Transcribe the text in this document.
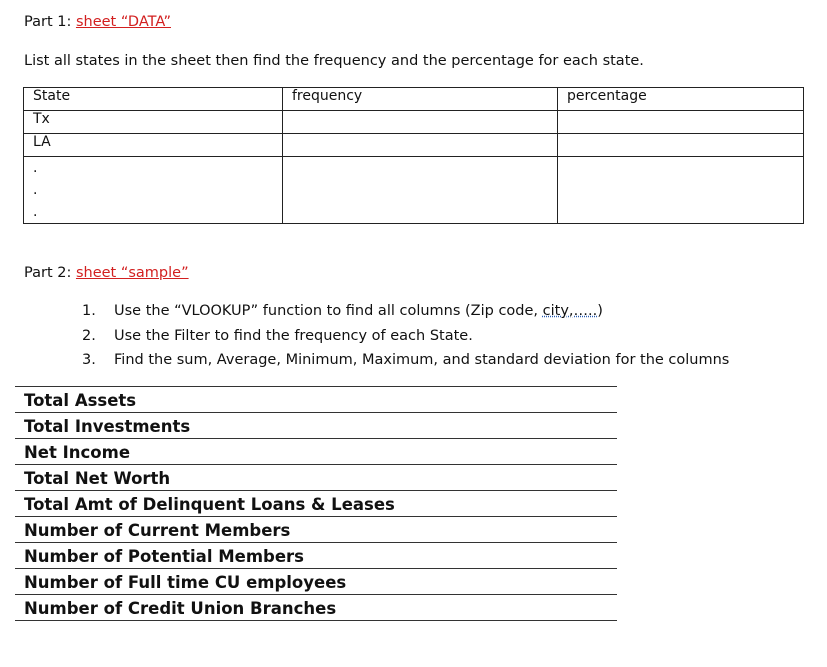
Part 1: sheet “DATA”
List all states in the sheet then find the frequency and the percentage for each state.
State	frequency	percentage
Tx		
LA		

.
.
.		

Part 2: sheet “sample”
1. Use the “VLOOKUP” function to find all columns (Zip code, city,…..)
2. Use the Filter to find the frequency of each State.
3. Find the sum, Average, Minimum, Maximum, and standard deviation for the columns
Total Assets
Total Investments
Net Income
Total Net Worth
Total Amt of Delinquent Loans & Leases
Number of Current Members
Number of Potential Members
Number of Full time CU employees
Number of Credit Union Branches
